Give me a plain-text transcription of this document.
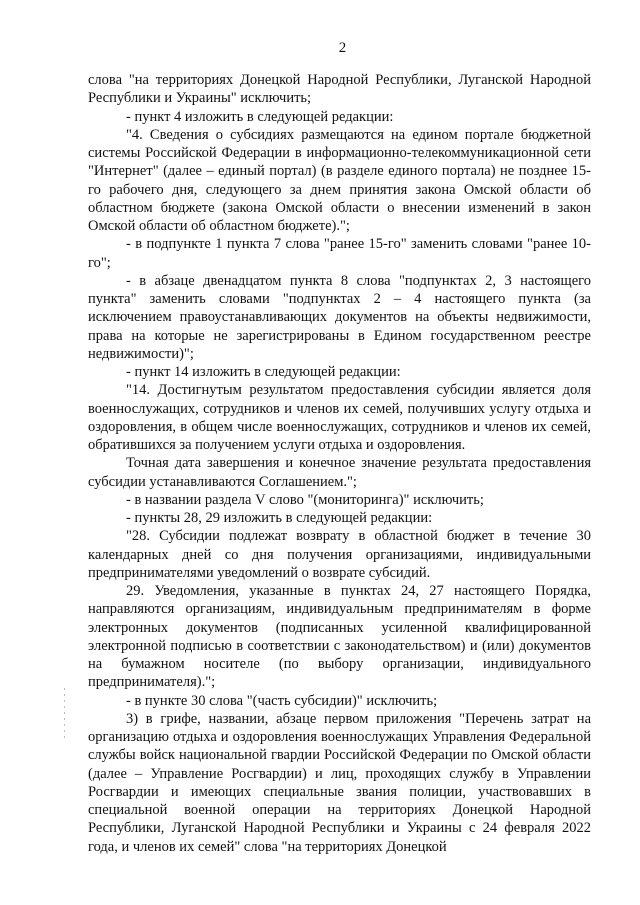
2

слова "на территориях Донецкой Народной Республики, Луганской Народной Республики и Украины" исключить;

- пункт 4 изложить в следующей редакции:

"4. Сведения о субсидиях размещаются на едином портале бюджетной системы Российской Федерации в информационно-телекоммуникационной сети "Интернет" (далее – единый портал) (в разделе единого портала) не позднее 15-го рабочего дня, следующего за днем принятия закона Омской области об областном бюджете (закона Омской области о внесении изменений в закон Омской области об областном бюджете).";

- в подпункте 1 пункта 7 слова "ранее 15-го" заменить словами "ранее 10-го";

- в абзаце двенадцатом пункта 8 слова "подпунктах 2, 3 настоящего пункта" заменить словами "подпунктах 2 – 4 настоящего пункта (за исключением правоустанавливающих документов на объекты недвижимости, права на которые не зарегистрированы в Едином государственном реестре недвижимости)";

- пункт 14 изложить в следующей редакции:

"14. Достигнутым результатом предоставления субсидии является доля военнослужащих, сотрудников и членов их семей, получивших услугу отдыха и оздоровления, в общем числе военнослужащих, сотрудников и членов их семей, обратившихся за получением услуги отдыха и оздоровления.

Точная дата завершения и конечное значение результата предоставления субсидии устанавливаются Соглашением.";

- в названии раздела V слово "(мониторинга)" исключить;

- пункты 28, 29 изложить в следующей редакции:

"28. Субсидии подлежат возврату в областной бюджет в течение 30 календарных дней со дня получения организациями, индивидуальными предпринимателями уведомлений о возврате субсидий.

29. Уведомления, указанные в пунктах 24, 27 настоящего Порядка, направляются организациям, индивидуальным предпринимателям в форме электронных документов (подписанных усиленной квалифицированной электронной подписью в соответствии с законодательством) и (или) документов на бумажном носителе (по выбору организации, индивидуального предпринимателя).";

- в пункте 30 слова "(часть субсидии)" исключить;

3) в грифе, названии, абзаце первом приложения "Перечень затрат на организацию отдыха и оздоровления военнослужащих Управления Федеральной службы войск национальной гвардии Российской Федерации по Омской области (далее – Управление Росгвардии) и лиц, проходящих службу в Управлении Росгвардии и имеющих специальные звания полиции, участвовавших в специальной военной операции на территориях Донецкой Народной Республики, Луганской Народной Республики и Украины с 24 февраля 2022 года, и членов их семей" слова "на территориях Донецкой
